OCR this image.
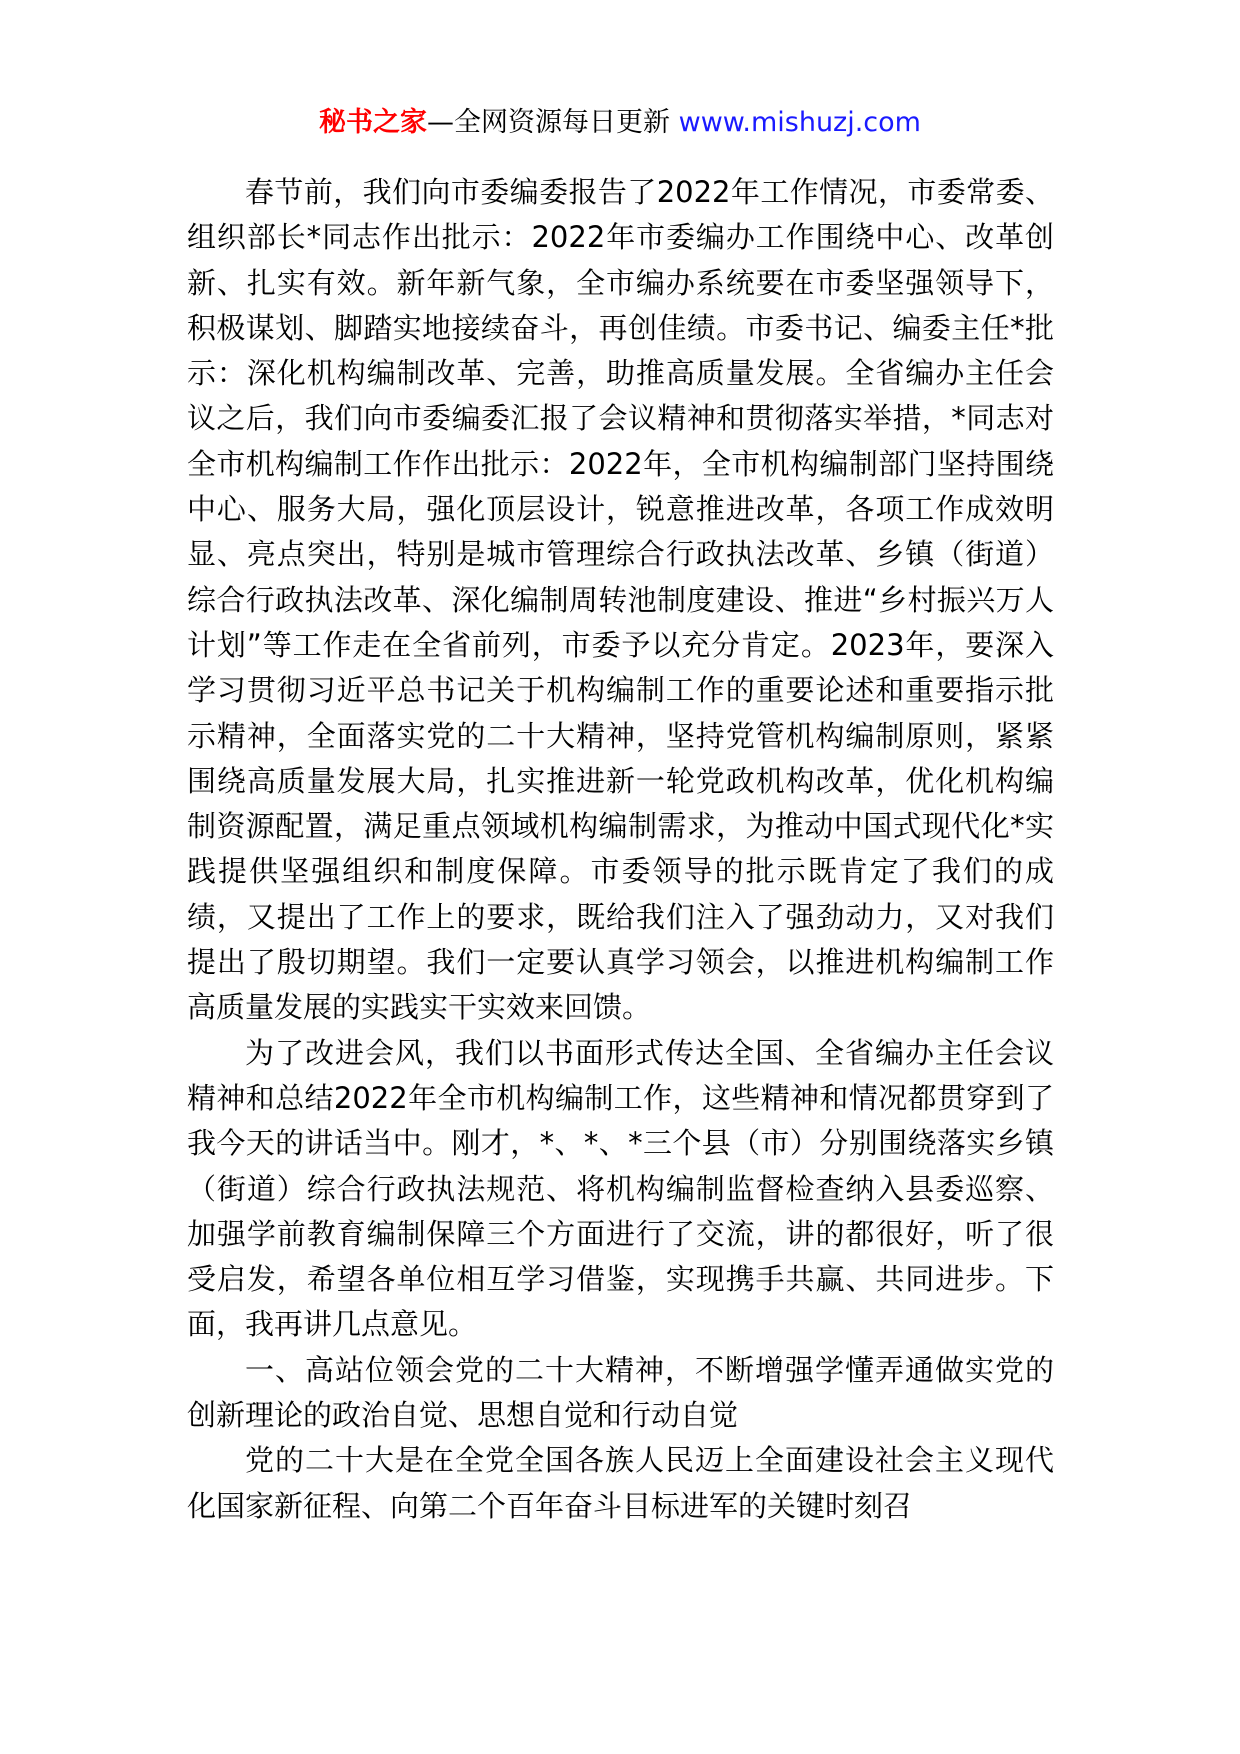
秘书之家—全网资源每日更新 www.mishuzj.com

春节前，我们向市委编委报告了2022年工作情况，市委常委、组织部长*同志作出批示：2022年市委编办工作围绕中心、改革创新、扎实有效。新年新气象，全市编办系统要在市委坚强领导下，积极谋划、脚踏实地接续奋斗，再创佳绩。市委书记、编委主任*批示：深化机构编制改革、完善，助推高质量发展。全省编办主任会议之后，我们向市委编委汇报了会议精神和贯彻落实举措，*同志对全市机构编制工作作出批示：2022年，全市机构编制部门坚持围绕中心、服务大局，强化顶层设计，锐意推进改革，各项工作成效明显、亮点突出，特别是城市管理综合行政执法改革、乡镇（街道）综合行政执法改革、深化编制周转池制度建设、推进“乡村振兴万人计划”等工作走在全省前列，市委予以充分肯定。2023年，要深入学习贯彻习近平总书记关于机构编制工作的重要论述和重要指示批示精神，全面落实党的二十大精神，坚持党管机构编制原则，紧紧围绕高质量发展大局，扎实推进新一轮党政机构改革，优化机构编制资源配置，满足重点领域机构编制需求，为推动中国式现代化*实践提供坚强组织和制度保障。市委领导的批示既肯定了我们的成绩，又提出了工作上的要求，既给我们注入了强劲动力，又对我们提出了殷切期望。我们一定要认真学习领会，以推进机构编制工作高质量发展的实践实干实效来回馈。

为了改进会风，我们以书面形式传达全国、全省编办主任会议精神和总结2022年全市机构编制工作，这些精神和情况都贯穿到了我今天的讲话当中。刚才，*、*、*三个县（市）分别围绕落实乡镇（街道）综合行政执法规范、将机构编制监督检查纳入县委巡察、加强学前教育编制保障三个方面进行了交流，讲的都很好，听了很受启发，希望各单位相互学习借鉴，实现携手共赢、共同进步。下面，我再讲几点意见。

一、高站位领会党的二十大精神，不断增强学懂弄通做实党的创新理论的政治自觉、思想自觉和行动自觉

党的二十大是在全党全国各族人民迈上全面建设社会主义现代化国家新征程、向第二个百年奋斗目标进军的关键时刻召
